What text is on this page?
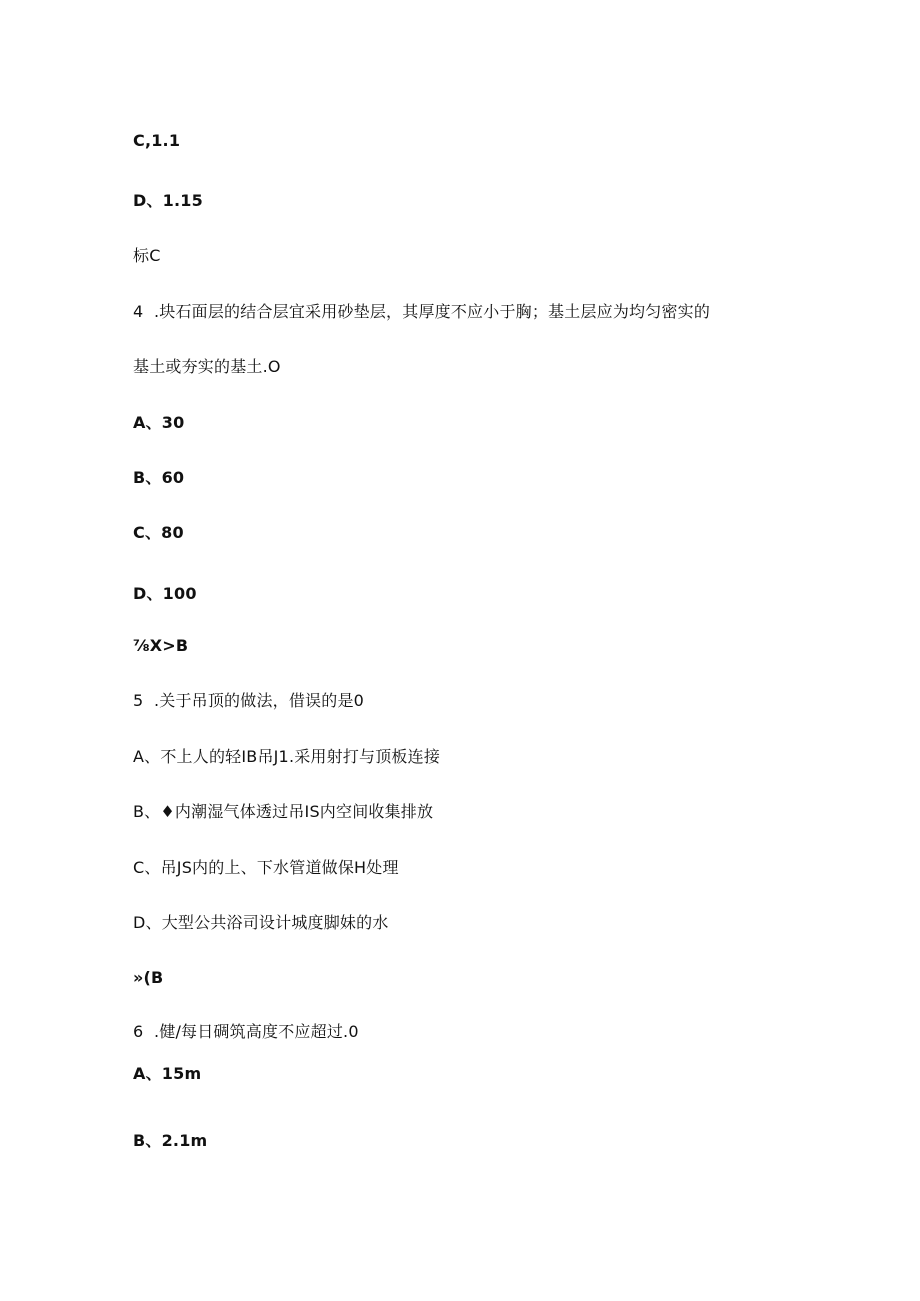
C,1.1
D、1.15
标C
4  .块石面层的结合层宜采用砂垫层，其厚度不应小于胸；基土层应为均匀密实的
基土或夯实的基土.O
A、30
B、60
C、80
D、100
⅞X>B
5  .关于吊顶的做法，借误的是0
A、不上人的轻IB吊J1.采用射打与顶板连接
B、♦内潮湿气体透过吊IS内空间收集排放
C、吊JS内的上、下水管道做保H处理
D、大型公共浴司设计城度脚妹的水
»(B
6  .健/每日碉筑高度不应超过.0
A、15m
B、2.1m
